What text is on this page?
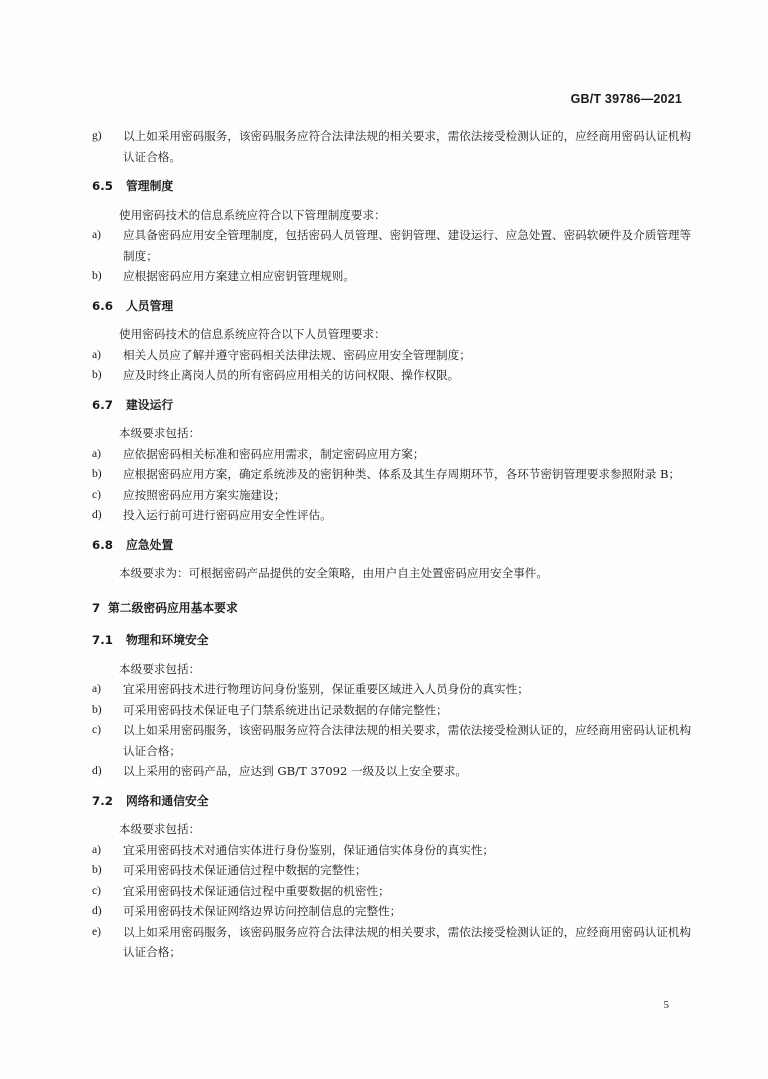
GB/T 39786—2021
g) 以上如采用密码服务，该密码服务应符合法律法规的相关要求，需依法接受检测认证的，应经商用密码认证机构认证合格。
6.5 管理制度
使用密码技术的信息系统应符合以下管理制度要求：
a) 应具备密码应用安全管理制度，包括密码人员管理、密钥管理、建设运行、应急处置、密码软硬件及介质管理等制度；
b) 应根据密码应用方案建立相应密钥管理规则。
6.6 人员管理
使用密码技术的信息系统应符合以下人员管理要求：
a) 相关人员应了解并遵守密码相关法律法规、密码应用安全管理制度；
b) 应及时终止离岗人员的所有密码应用相关的访问权限、操作权限。
6.7 建设运行
本级要求包括：
a) 应依据密码相关标准和密码应用需求，制定密码应用方案；
b) 应根据密码应用方案，确定系统涉及的密钥种类、体系及其生存周期环节，各环节密钥管理要求参照附录 B；
c) 应按照密码应用方案实施建设；
d) 投入运行前可进行密码应用安全性评估。
6.8 应急处置
本级要求为：可根据密码产品提供的安全策略，由用户自主处置密码应用安全事件。
7 第二级密码应用基本要求
7.1 物理和环境安全
本级要求包括：
a) 宜采用密码技术进行物理访问身份鉴别，保证重要区域进入人员身份的真实性；
b) 可采用密码技术保证电子门禁系统进出记录数据的存储完整性；
c) 以上如采用密码服务，该密码服务应符合法律法规的相关要求，需依法接受检测认证的，应经商用密码认证机构认证合格；
d) 以上采用的密码产品，应达到 GB/T 37092 一级及以上安全要求。
7.2 网络和通信安全
本级要求包括：
a) 宜采用密码技术对通信实体进行身份鉴别，保证通信实体身份的真实性；
b) 可采用密码技术保证通信过程中数据的完整性；
c) 宜采用密码技术保证通信过程中重要数据的机密性；
d) 可采用密码技术保证网络边界访问控制信息的完整性；
e) 以上如采用密码服务，该密码服务应符合法律法规的相关要求，需依法接受检测认证的，应经商用密码认证机构认证合格；
5
